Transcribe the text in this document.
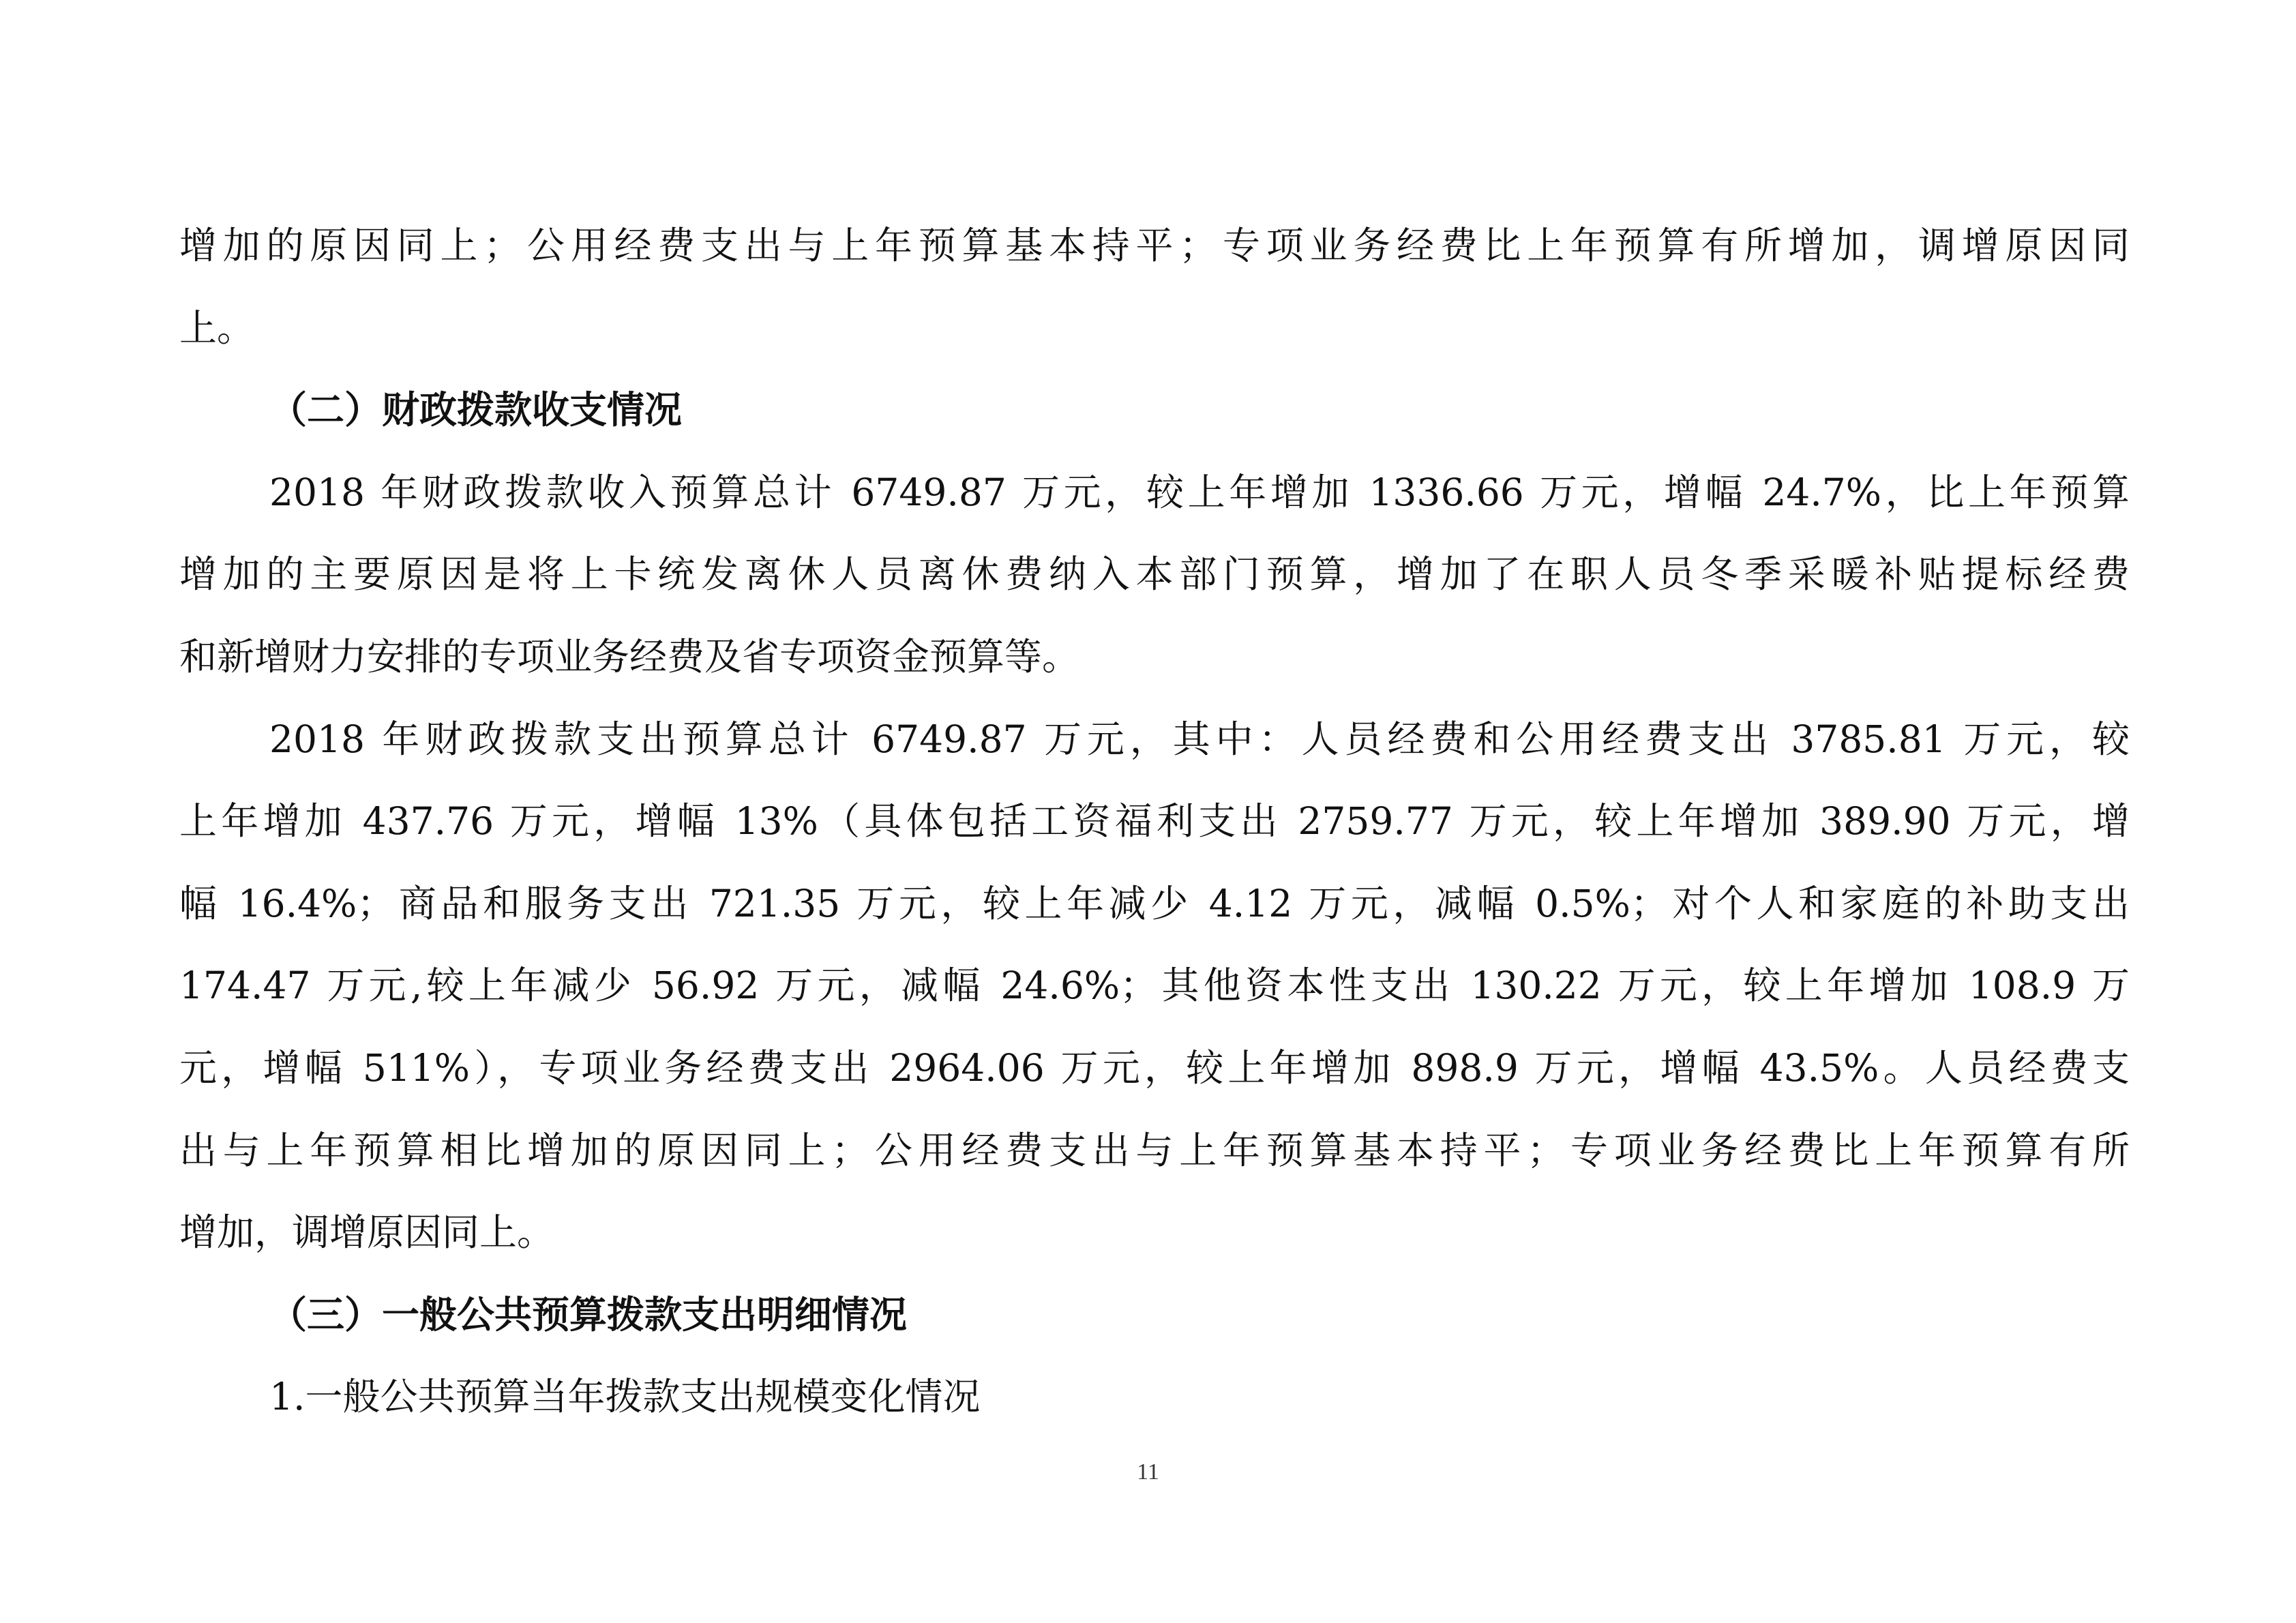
增加的原因同上；公用经费支出与上年预算基本持平；专项业务经费比上年预算有所增加，调增原因同
上。
（二）财政拨款收支情况
2018 年财政拨款收入预算总计 6749.87 万元，较上年增加 1336.66 万元，增幅 24.7%，比上年预算
增加的主要原因是将上卡统发离休人员离休费纳入本部门预算，增加了在职人员冬季采暖补贴提标经费
和新增财力安排的专项业务经费及省专项资金预算等。
2018 年财政拨款支出预算总计 6749.87 万元，其中：人员经费和公用经费支出 3785.81 万元，较
上年增加 437.76 万元，增幅 13%（具体包括工资福利支出 2759.77 万元，较上年增加 389.90 万元，增
幅 16.4%；商品和服务支出 721.35 万元，较上年减少 4.12 万元，减幅 0.5%；对个人和家庭的补助支出
174.47 万元,较上年减少 56.92 万元，减幅 24.6%；其他资本性支出 130.22 万元，较上年增加 108.9 万
元，增幅 511%），专项业务经费支出 2964.06 万元，较上年增加 898.9 万元，增幅 43.5%。人员经费支
出与上年预算相比增加的原因同上；公用经费支出与上年预算基本持平；专项业务经费比上年预算有所
增加，调增原因同上。
（三）一般公共预算拨款支出明细情况
1.一般公共预算当年拨款支出规模变化情况
11
